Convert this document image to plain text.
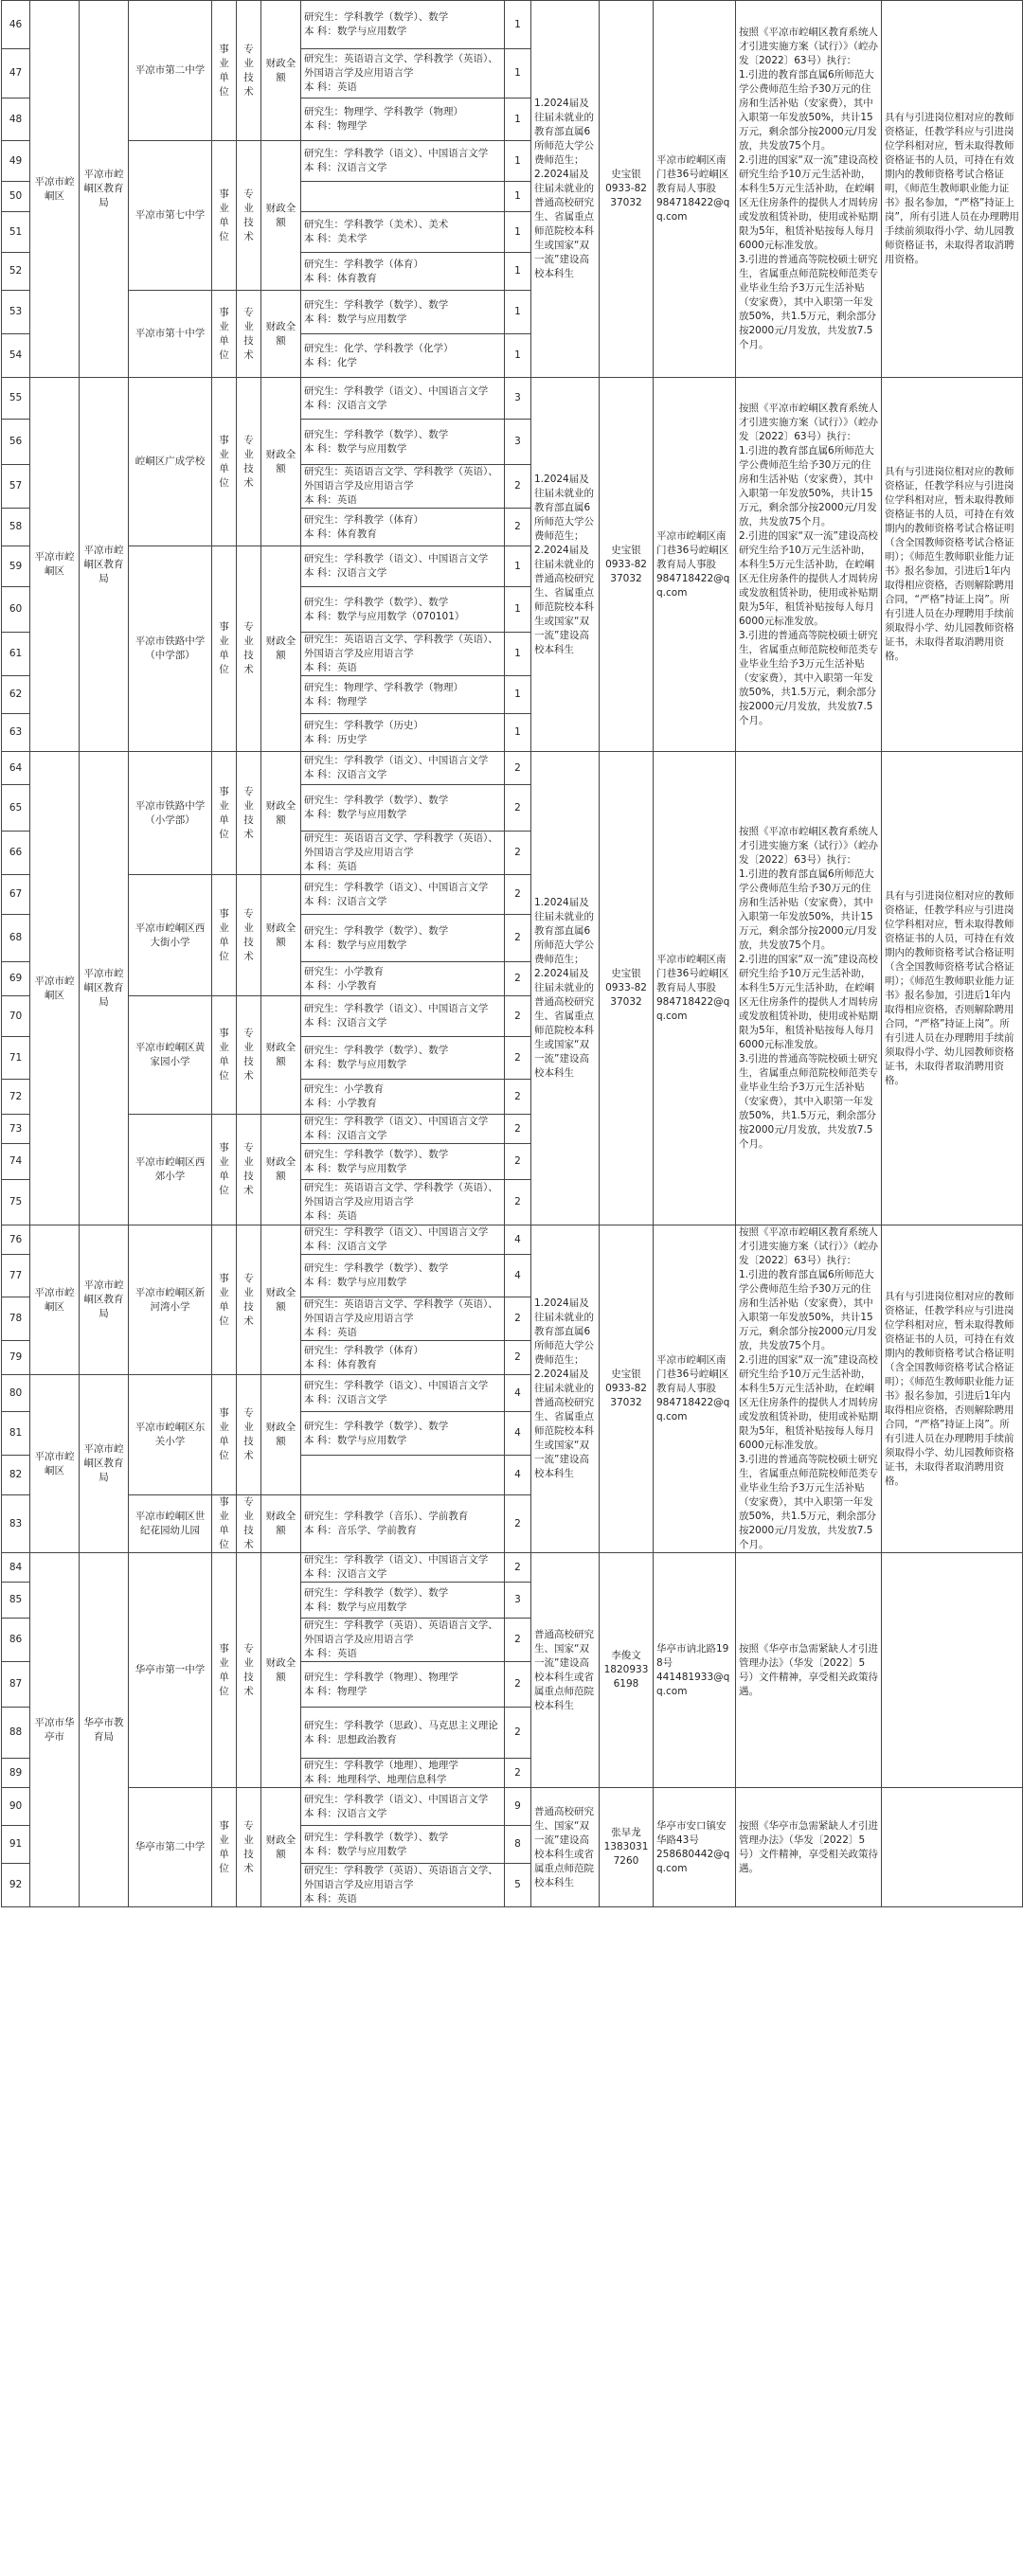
46	平凉市崆峒区	平凉市崆峒区教育局	平凉市第二中学	事业单位	专业技术	财政全额	研究生：学科教学（数学）、数学
本 科：数学与应用数学	1	1.2024届及往届未就业的教育部直属6所师范大学公费师范生；
2.2024届及往届未就业的普通高校研究生、省属重点师范院校本科生或国家“双一流”建设高校本科生	史宝银
0933-8237032	平凉市崆峒区南门巷36号崆峒区教育局人事股
984718422@qq.com	按照《平凉市崆峒区教育系统人才引进实施方案（试行）》（崆办发〔2022〕63号）执行：
1.引进的教育部直属6所师范大学公费师范生给予30万元的住房和生活补贴（安家费），其中入职第一年发放50%，共计15万元，剩余部分按2000元/月发放，共发放75个月。
2.引进的国家“双一流”建设高校研究生给予10万元生活补助，本科生5万元生活补助，在崆峒区无住房条件的提供人才周转房或发放租赁补助，使用或补贴期限为5年，租赁补贴按每人每月6000元标准发放。
3.引进的普通高等院校硕士研究生，省属重点师范院校师范类专业毕业生给予3万元生活补贴（安家费），其中入职第一年发放50%，共1.5万元，剩余部分按2000元/月发放，共发放7.5个月。	具有与引进岗位相对应的教师资格证，任教学科应与引进岗位学科相对应，暂未取得教师资格证书的人员，可持在有效期内的教师资格考试合格证明，《师范生教师职业能力证书》报名参加，“严格”持证上岗”，所有引进人员在办理聘用手续前须取得小学、幼儿园教师资格证书，未取得者取消聘用资格。
47							研究生：英语语言文学、学科教学（英语）、外国语言学及应用语言学
本 科：英语	1					
48							研究生：物理学、学科教学（物理）
本 科：物理学	1					
49			平凉市第七中学	事业单位	专业技术	财政全额	研究生：学科教学（语文）、中国语言文学
本 科：汉语言文学	1					
50								1					
51							研究生：学科教学（美术）、美术
本 科：美术学	1					
52							研究生：学科教学（体育）
本 科：体育教育	1					
53			平凉市第十中学	事业单位	专业技术	财政全额	研究生：学科教学（数学）、数学
本 科：数学与应用数学	1					
54							研究生：化学、学科教学（化学）
本 科：化学	1					
55	平凉市崆峒区	平凉市崆峒区教育局	崆峒区广成学校	事业单位	专业技术	财政全额	研究生：学科教学（语文）、中国语言文学
本 科：汉语言文学	3	1.2024届及往届未就业的教育部直属6所师范大学公费师范生；
2.2024届及往届未就业的普通高校研究生、省属重点师范院校本科生或国家“双一流”建设高校本科生	史宝银
0933-8237032	平凉市崆峒区南门巷36号崆峒区教育局人事股
984718422@qq.com	按照《平凉市崆峒区教育系统人才引进实施方案（试行）》（崆办发〔2022〕63号）执行：
1.引进的教育部直属6所师范大学公费师范生给予30万元的住房和生活补贴（安家费），其中入职第一年发放50%，共计15万元，剩余部分按2000元/月发放，共发放75个月。
2.引进的国家“双一流”建设高校研究生给予10万元生活补助，本科生5万元生活补助，在崆峒区无住房条件的提供人才周转房或发放租赁补助，使用或补贴期限为5年，租赁补贴按每人每月6000元标准发放。
3.引进的普通高等院校硕士研究生，省属重点师范院校师范类专业毕业生给予3万元生活补贴（安家费），其中入职第一年发放50%，共1.5万元，剩余部分按2000元/月发放，共发放7.5个月。	具有与引进岗位相对应的教师资格证，任教学科应与引进岗位学科相对应，暂未取得教师资格证书的人员，可持在有效期内的教师资格考试合格证明（含全国教师资格考试合格证明）；《师范生教师职业能力证书》报名参加，引进后1年内取得相应资格，否则解除聘用合同，“严格”持证上岗”。所有引进人员在办理聘用手续前须取得小学、幼儿园教师资格证书，未取得者取消聘用资格。
56							研究生：学科教学（数学）、数学
本 科：数学与应用数学	3					
57							研究生：英语语言文学、学科教学（英语）、外国语言学及应用语言学
本 科：英语	2					
58							研究生：学科教学（体育）
本 科：体育教育	2					
59			平凉市铁路中学（中学部）	事业单位	专业技术	财政全额	研究生：学科教学（语文）、中国语言文学
本 科：汉语言文学	1					
60							研究生：学科教学（数学）、数学
本 科：数学与应用数学（070101）	1					
61							研究生：英语语言文学、学科教学（英语）、外国语言学及应用语言学
本 科：英语	1					
62							研究生：物理学、学科教学（物理）
本 科：物理学	1					
63							研究生：学科教学（历史）
本 科：历史学	1					
64	平凉市崆峒区	平凉市崆峒区教育局	平凉市铁路中学（小学部）	事业单位	专业技术	财政全额	研究生：学科教学（语文）、中国语言文学
本 科：汉语言文学	2	1.2024届及往届未就业的教育部直属6所师范大学公费师范生；
2.2024届及往届未就业的普通高校研究生、省属重点师范院校本科生或国家“双一流”建设高校本科生	史宝银
0933-8237032	平凉市崆峒区南门巷36号崆峒区教育局人事股
984718422@qq.com	按照《平凉市崆峒区教育系统人才引进实施方案（试行）》（崆办发〔2022〕63号）执行：
1.引进的教育部直属6所师范大学公费师范生给予30万元的住房和生活补贴（安家费），其中入职第一年发放50%，共计15万元，剩余部分按2000元/月发放，共发放75个月。
2.引进的国家“双一流”建设高校研究生给予10万元生活补助，本科生5万元生活补助，在崆峒区无住房条件的提供人才周转房或发放租赁补助，使用或补贴期限为5年，租赁补贴按每人每月6000元标准发放。
3.引进的普通高等院校硕士研究生，省属重点师范院校师范类专业毕业生给予3万元生活补贴（安家费），其中入职第一年发放50%，共1.5万元，剩余部分按2000元/月发放，共发放7.5个月。	具有与引进岗位相对应的教师资格证，任教学科应与引进岗位学科相对应，暂未取得教师资格证书的人员，可持在有效期内的教师资格考试合格证明（含全国教师资格考试合格证明）；《师范生教师职业能力证书》报名参加，引进后1年内取得相应资格，否则解除聘用合同，“严格”持证上岗”。所有引进人员在办理聘用手续前须取得小学、幼儿园教师资格证书，未取得者取消聘用资格。
65							研究生：学科教学（数学）、数学
本 科：数学与应用数学	2					
66							研究生：英语语言文学、学科教学（英语）、外国语言学及应用语言学
本 科：英语	2					
67			平凉市崆峒区西大街小学	事业单位	专业技术	财政全额	研究生：学科教学（语文）、中国语言文学
本 科：汉语言文学	2					
68							研究生：学科教学（数学）、数学
本 科：数学与应用数学	2					
69							研究生：小学教育
本 科：小学教育	2					
70			平凉市崆峒区黄家园小学	事业单位	专业技术	财政全额	研究生：学科教学（语文）、中国语言文学
本 科：汉语言文学	2					
71							研究生：学科教学（数学）、数学
本 科：数学与应用数学	2					
72							研究生：小学教育
本 科：小学教育	2					
73			平凉市崆峒区西郊小学	事业单位	专业技术	财政全额	研究生：学科教学（语文）、中国语言文学
本 科：汉语言文学	2					
74							研究生：学科教学（数学）、数学
本 科：数学与应用数学	2					
75							研究生：英语语言文学、学科教学（英语）、外国语言学及应用语言学
本 科：英语	2					
76	平凉市崆峒区	平凉市崆峒区教育局	平凉市崆峒区新河湾小学	事业单位	专业技术	财政全额	研究生：学科教学（语文）、中国语言文学
本 科：汉语言文学	4	1.2024届及往届未就业的教育部直属6所师范大学公费师范生；
2.2024届及往届未就业的普通高校研究生、省属重点师范院校本科生或国家“双一流”建设高校本科生	史宝银
0933-8237032	平凉市崆峒区南门巷36号崆峒区教育局人事股
984718422@qq.com	按照《平凉市崆峒区教育系统人才引进实施方案（试行）》（崆办发〔2022〕63号）执行：
1.引进的教育部直属6所师范大学公费师范生给予30万元的住房和生活补贴（安家费），其中入职第一年发放50%，共计15万元，剩余部分按2000元/月发放，共发放75个月。
2.引进的国家“双一流”建设高校研究生给予10万元生活补助，本科生5万元生活补助，在崆峒区无住房条件的提供人才周转房或发放租赁补助，使用或补贴期限为5年，租赁补贴按每人每月6000元标准发放。
3.引进的普通高等院校硕士研究生，省属重点师范院校师范类专业毕业生给予3万元生活补贴（安家费），其中入职第一年发放50%，共1.5万元，剩余部分按2000元/月发放，共发放7.5个月。	具有与引进岗位相对应的教师资格证，任教学科应与引进岗位学科相对应，暂未取得教师资格证书的人员，可持在有效期内的教师资格考试合格证明（含全国教师资格考试合格证明）；《师范生教师职业能力证书》报名参加，引进后1年内取得相应资格，否则解除聘用合同，“严格”持证上岗”。所有引进人员在办理聘用手续前须取得小学、幼儿园教师资格证书，未取得者取消聘用资格。
77							研究生：学科教学（数学）、数学
本 科：数学与应用数学	4					
78							研究生：英语语言文学、学科教学（英语）、外国语言学及应用语言学
本 科：英语	2					
79							研究生：学科教学（体育）
本 科：体育教育	2					
80	平凉市崆峒区	平凉市崆峒区教育局	平凉市崆峒区东关小学	事业单位	专业技术	财政全额	研究生：学科教学（语文）、中国语言文学
本 科：汉语言文学	4					
81							研究生：学科教学（数学）、数学
本 科：数学与应用数学	4					
82								4					
83			平凉市崆峒区世纪花园幼儿园	事业单位	专业技术	财政全额	研究生：学科教学（音乐）、学前教育
本 科：音乐学、学前教育	2					
84	平凉市华亭市	华亭市教育局	华亭市第一中学	事业单位	专业技术	财政全额	研究生：学科教学（语文）、中国语言文学
本 科：汉语言文学	2	普通高校研究生、国家“双一流”建设高校本科生或省属重点师范院校本科生	李俊文
18209336198	华亭市讷北路198号
441481933@qq.com	按照《华亭市急需紧缺人才引进管理办法》（华发〔2022〕5号）文件精神，享受相关政策待遇。	
85							研究生：学科教学（数学）、数学
本 科：数学与应用数学	3					
86							研究生：学科教学（英语）、英语语言文学、外国语言学及应用语言学
本 科：英语	2					
87							研究生：学科教学（物理）、物理学
本 科：物理学	2					
88							研究生：学科教学（思政）、马克思主义理论
本 科：思想政治教育	2					
89							研究生：学科教学（地理）、地理学
本 科：地理科学、地理信息科学	2					
90			华亭市第二中学	事业单位	专业技术	财政全额	研究生：学科教学（语文）、中国语言文学
本 科：汉语言文学	9	普通高校研究生、国家“双一流”建设高校本科生或省属重点师范院校本科生	张早龙
13830317260	华亭市安口镇安华路43号
258680442@qq.com	按照《华亭市急需紧缺人才引进管理办法》（华发〔2022〕5号）文件精神，享受相关政策待遇。	
91							研究生：学科教学（数学）、数学
本 科：数学与应用数学	8					
92							研究生：学科教学（英语）、英语语言文学、外国语言学及应用语言学
本 科：英语	5					
